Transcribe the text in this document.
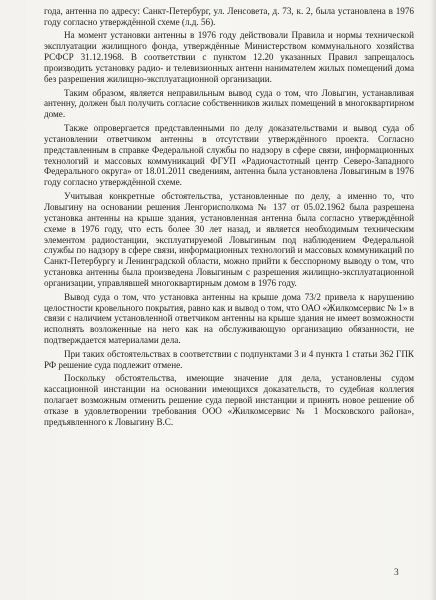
года, антенна по адресу: Санкт-Петербург, ул. Ленсовета, д. 73, к. 2, была установлена в 1976 году согласно утверждённой схеме (л.д. 56).

На момент установки антенны в 1976 году действовали Правила и нормы технической эксплуатации жилищного фонда, утверждённые Министерством коммунального хозяйства РСФСР 31.12.1968. В соответствии с пунктом 12.20 указанных Правил запрещалось производить установку радио- и телевизионных антенн нанимателем жилых помещений дома без разрешения жилищно-эксплуатационной организации.

Таким образом, является неправильным вывод суда о том, что Ловыгин, устанавливая антенну, должен был получить согласие собственников жилых помещений в многоквартирном доме.

Также опровергается представленными по делу доказательствами и вывод суда об установлении ответчиком антенны в отсутствии утверждённого проекта. Согласно представленным в справке Федеральной службы по надзору в сфере связи, информационных технологий и массовых коммуникаций ФГУП «Радиочастотный центр Северо-Западного Федерального округа» от 18.01.2011 сведениям, антенна была установлена Ловыгиным в 1976 году согласно утверждённой схеме.

Учитывая конкретные обстоятельства, установленные по делу, а именно то, что Ловыгину на основании решения Ленгорисполкома № 137 от 05.02.1962 была разрешена установка антенны на крыше здания, установленная антенна была согласно утверждённой схеме в 1976 году, что есть более 30 лет назад, и является необходимым техническим элементом радиостанции, эксплуатируемой Ловыгиным под наблюдением Федеральной службы по надзору в сфере связи, информационных технологий и массовых коммуникаций по Санкт-Петербургу и Ленинградской области, можно прийти к бесспорному выводу о том, что установка антенны была произведена Ловыгиным с разрешения жилищно-эксплуатационной организации, управлявшей многоквартирным домом в 1976 году.

Вывод суда о том, что установка антенны на крыше дома 73/2 привела к нарушению целостности кровельного покрытия, равно как и вывод о том, что ОАО «Жилкомсервис № 1» в связи с наличием установленной ответчиком антенны на крыше здания не имеет возможности исполнять возложенные на него как на обслуживающую организацию обязанности, не подтверждается материалами дела.

При таких обстоятельствах в соответствии с подпунктами 3 и 4 пункта 1 статьи 362 ГПК РФ решение суда подлежит отмене.

Поскольку обстоятельства, имеющие значение для дела, установлены судом кассационной инстанции на основании имеющихся доказательств, то судебная коллегия полагает возможным отменить решение суда первой инстанции и принять новое решение об отказе в удовлетворении требования ООО «Жилкомсервис № 1 Московского района», предъявленного к Ловыгину В.С.

3
